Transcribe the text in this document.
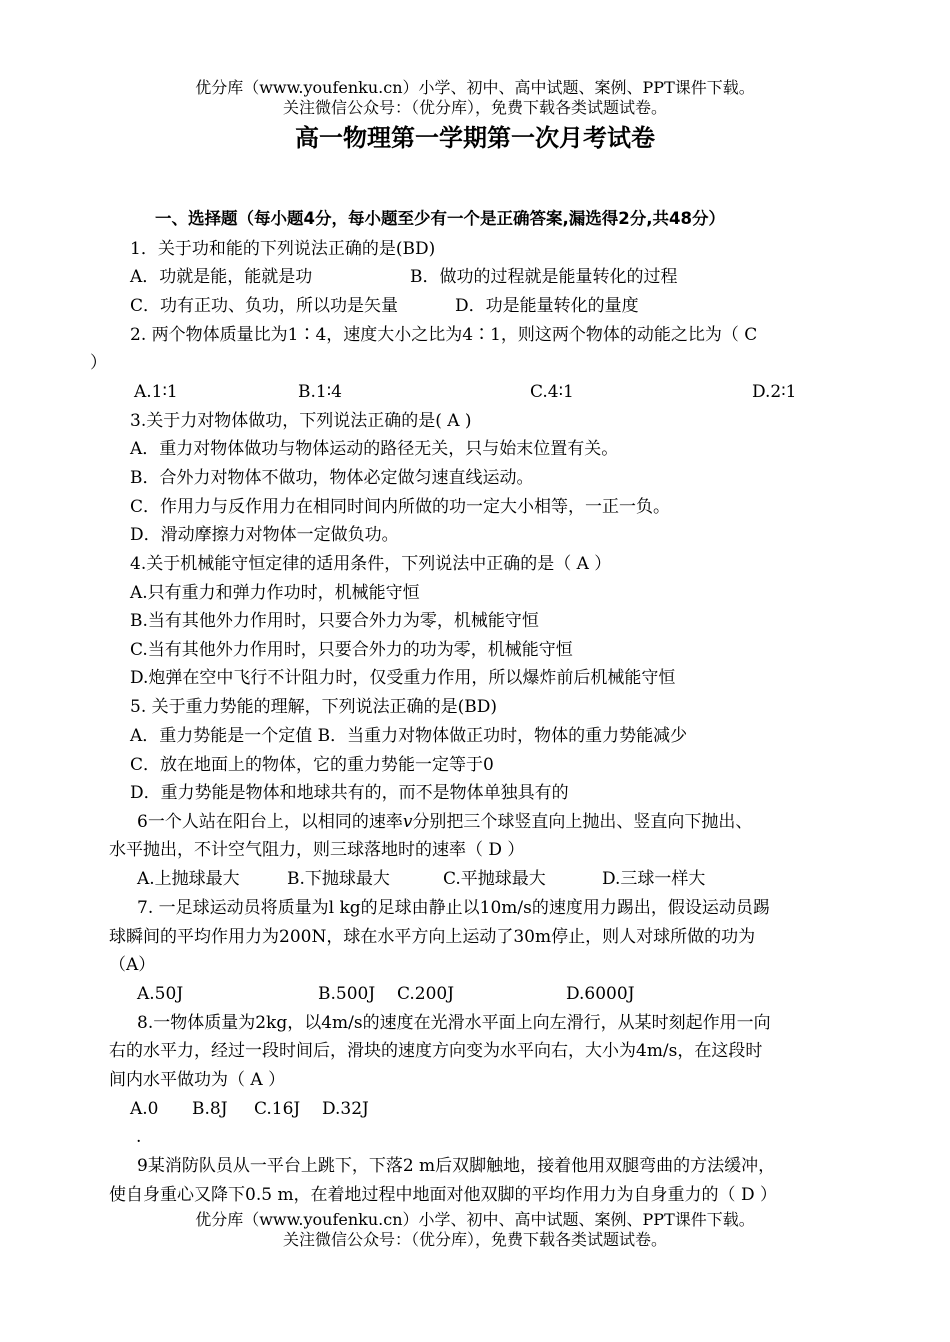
优分库（www.youfenku.cn）小学、初中、高中试题、案例、PPT课件下载。
关注微信公众号：（优分库），免费下载各类试题试卷。
高一物理第一学期第一次月考试卷
一、选择题（每小题4分，每小题至少有一个是正确答案,漏选得2分,共48分）
1．关于功和能的下列说法正确的是(BD)
A．功就是能，能就是功	B．做功的过程就是能量转化的过程
C．功有正功、负功，所以功是矢量	D．功是能量转化的量度
2. 两个物体质量比为1∶4，速度大小之比为4∶1，则这两个物体的动能之比为（ C
）
A.1∶1	B.1∶4	C.4∶1	D.2∶1
3.关于力对物体做功，下列说法正确的是( A )
A．重力对物体做功与物体运动的路径无关，只与始末位置有关。
B．合外力对物体不做功，物体必定做匀速直线运动。
C．作用力与反作用力在相同时间内所做的功一定大小相等，一正一负。
D．滑动摩擦力对物体一定做负功。
4.关于机械能守恒定律的适用条件，下列说法中正确的是（ A ）
A.只有重力和弹力作功时，机械能守恒
B.当有其他外力作用时，只要合外力为零，机械能守恒
C.当有其他外力作用时，只要合外力的功为零，机械能守恒
D.炮弹在空中飞行不计阻力时，仅受重力作用，所以爆炸前后机械能守恒
5. 关于重力势能的理解，下列说法正确的是(BD)
A．重力势能是一个定值 B．当重力对物体做正功时，物体的重力势能减少
C．放在地面上的物体，它的重力势能一定等于0
D．重力势能是物体和地球共有的，而不是物体单独具有的
6一个人站在阳台上，以相同的速率v分别把三个球竖直向上抛出、竖直向下抛出、
水平抛出，不计空气阻力，则三球落地时的速率（ D ）
A.上抛球最大	B.下抛球最大	C.平抛球最大	D.三球一样大
7. 一足球运动员将质量为l kg的足球由静止以10m/s的速度用力踢出，假设运动员踢
球瞬间的平均作用力为200N，球在水平方向上运动了30m停止，则人对球所做的功为
（A）
A.50J	B.500J C.200J	D.6000J
8.一物体质量为2kg，以4m/s的速度在光滑水平面上向左滑行，从某时刻起作用一向
右的水平力，经过一段时间后，滑块的速度方向变为水平向右，大小为4m/s，在这段时
间内水平做功为（ A ）
A.0 B.8J C.16J D.32J
.
9某消防队员从一平台上跳下，下落2 m后双脚触地，接着他用双腿弯曲的方法缓冲，
使自身重心又降下0.5 m，在着地过程中地面对他双脚的平均作用力为自身重力的（ D ）
优分库（www.youfenku.cn）小学、初中、高中试题、案例、PPT课件下载。
关注微信公众号：（优分库），免费下载各类试题试卷。
